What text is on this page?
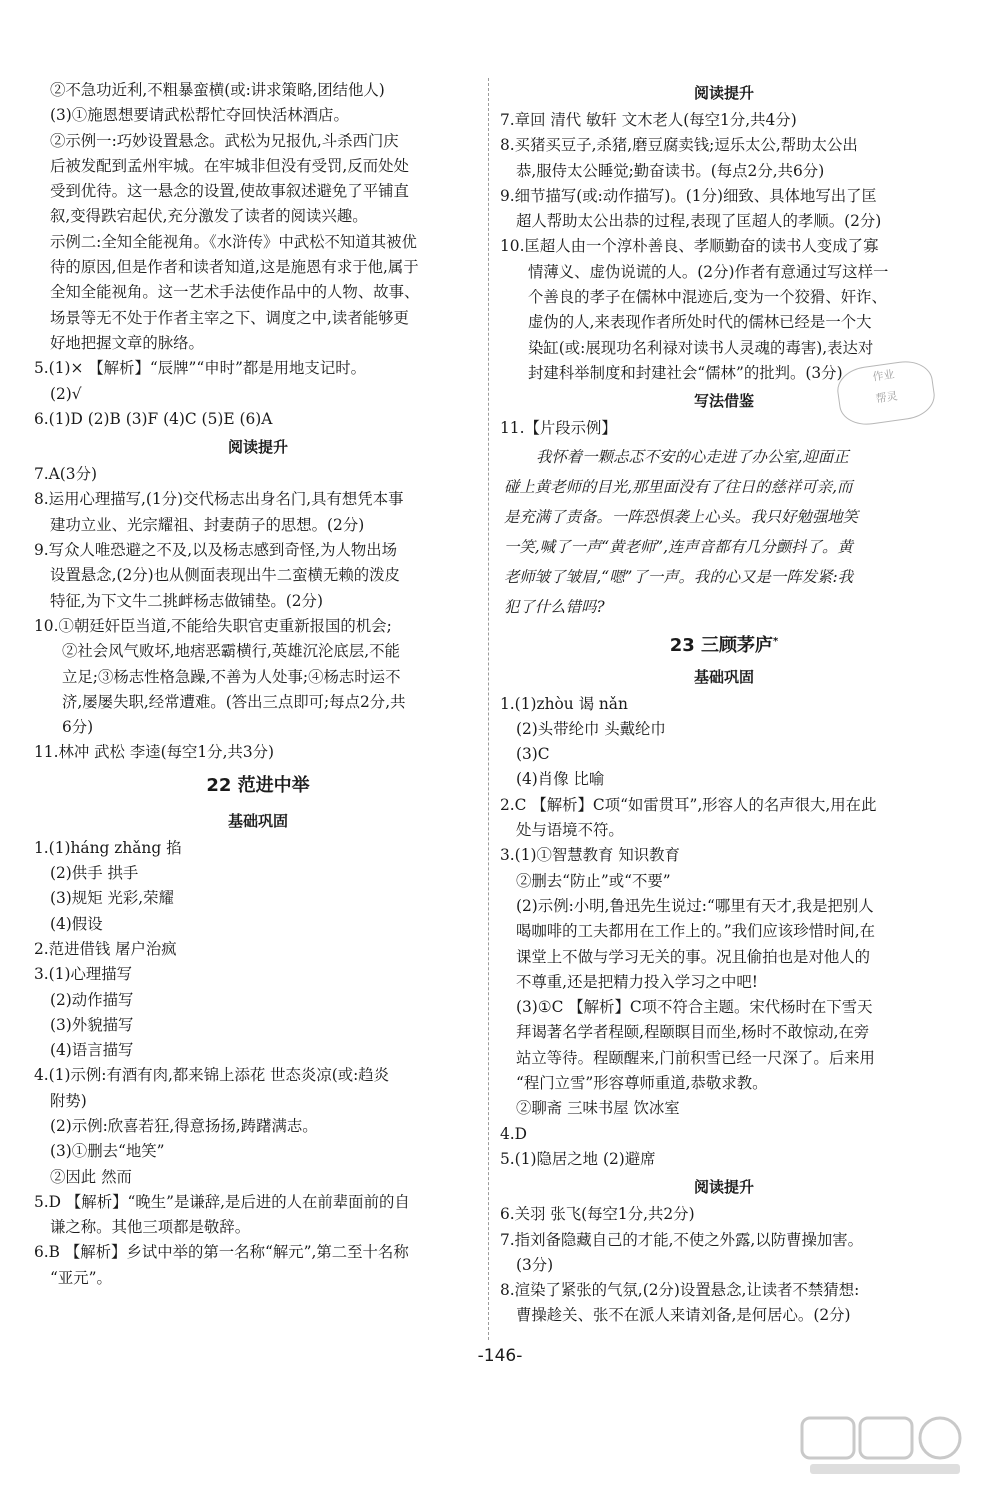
②不急功近利,不粗暴蛮横(或:讲求策略,团结他人)
(3)①施恩想要请武松帮忙夺回快活林酒店。
②示例一:巧妙设置悬念。武松为兄报仇,斗杀西门庆
后被发配到孟州牢城。在牢城非但没有受罚,反而处处
受到优待。这一悬念的设置,使故事叙述避免了平铺直
叙,变得跌宕起伏,充分激发了读者的阅读兴趣。
示例二:全知全能视角。《水浒传》中武松不知道其被优
待的原因,但是作者和读者知道,这是施恩有求于他,属于
全知全能视角。这一艺术手法使作品中的人物、故事、
场景等无不处于作者主宰之下、调度之中,读者能够更
好地把握文章的脉络。
5.(1)× 【解析】“辰牌”“申时”都是用地支记时。
(2)√
6.(1)D (2)B (3)F (4)C (5)E (6)A
阅读提升
7.A(3分)
8.运用心理描写,(1分)交代杨志出身名门,具有想凭本事
建功立业、光宗耀祖、封妻荫子的思想。(2分)
9.写众人唯恐避之不及,以及杨志感到奇怪,为人物出场
设置悬念,(2分)也从侧面表现出牛二蛮横无赖的泼皮
特征,为下文牛二挑衅杨志做铺垫。(2分)
10.①朝廷奸臣当道,不能给失职官吏重新报国的机会;
②社会风气败坏,地痞恶霸横行,英雄沉沦底层,不能
立足;③杨志性格急躁,不善为人处事;④杨志时运不
济,屡屡失职,经常遭难。(答出三点即可;每点2分,共
6分)
11.林冲 武松 李逵(每空1分,共3分)
22 范进中举
基础巩固
1.(1)háng zhǎng 掐
(2)供手 拱手
(3)规矩 光彩,荣耀
(4)假设
2.范进借钱 屠户治疯
3.(1)心理描写
(2)动作描写
(3)外貌描写
(4)语言描写
4.(1)示例:有酒有肉,都来锦上添花 世态炎凉(或:趋炎
附势)
(2)示例:欣喜若狂,得意扬扬,踌躇满志。
(3)①删去“地笑”
②因此 然而
5.D 【解析】“晚生”是谦辞,是后进的人在前辈面前的自
谦之称。其他三项都是敬辞。
6.B 【解析】乡试中举的第一名称“解元”,第二至十名称
“亚元”。
阅读提升
7.章回 清代 敏轩 文木老人(每空1分,共4分)
8.买猪买豆子,杀猪,磨豆腐卖钱;逗乐太公,帮助太公出
恭,服侍太公睡觉;勤奋读书。(每点2分,共6分)
9.细节描写(或:动作描写)。(1分)细致、具体地写出了匡
超人帮助太公出恭的过程,表现了匡超人的孝顺。(2分)
10.匡超人由一个淳朴善良、孝顺勤奋的读书人变成了寡
情薄义、虚伪说谎的人。(2分)作者有意通过写这样一
个善良的孝子在儒林中混迹后,变为一个狡猾、奸诈、
虚伪的人,来表现作者所处时代的儒林已经是一个大
染缸(或:展现功名利禄对读书人灵魂的毒害),表达对
封建科举制度和封建社会“儒林”的批判。(3分)
写法借鉴
11.【片段示例】
我怀着一颗忐忑不安的心走进了办公室,迎面正
碰上黄老师的目光,那里面没有了往日的慈祥可亲,而
是充满了责备。一阵恐惧袭上心头。我只好勉强地笑
一笑,喊了一声“黄老师”,连声音都有几分颤抖了。黄
老师皱了皱眉,“嗯”了一声。我的心又是一阵发紧:我
犯了什么错吗?
23 三顾茅庐*
基础巩固
1.(1)zhòu 谒 nǎn
(2)头带纶巾 头戴纶巾
(3)C
(4)肖像 比喻
2.C 【解析】C项“如雷贯耳”,形容人的名声很大,用在此
处与语境不符。
3.(1)①智慧教育 知识教育
②删去“防止”或“不要”
(2)示例:小明,鲁迅先生说过:“哪里有天才,我是把别人
喝咖啡的工夫都用在工作上的。”我们应该珍惜时间,在
课堂上不做与学习无关的事。况且偷拍也是对他人的
不尊重,还是把精力投入学习之中吧!
(3)①C 【解析】C项不符合主题。宋代杨时在下雪天
拜谒著名学者程颐,程颐瞑目而坐,杨时不敢惊动,在旁
站立等待。程颐醒来,门前积雪已经一尺深了。后来用
“程门立雪”形容尊师重道,恭敬求教。
②聊斋 三味书屋 饮冰室
4.D
5.(1)隐居之地 (2)避席
阅读提升
6.关羽 张飞(每空1分,共2分)
7.指刘备隐藏自己的才能,不使之外露,以防曹操加害。
(3分)
8.渲染了紧张的气氛,(2分)设置悬念,让读者不禁猜想:
曹操趁关、张不在派人来请刘备,是何居心。(2分)
作业
帮灵
-146-
